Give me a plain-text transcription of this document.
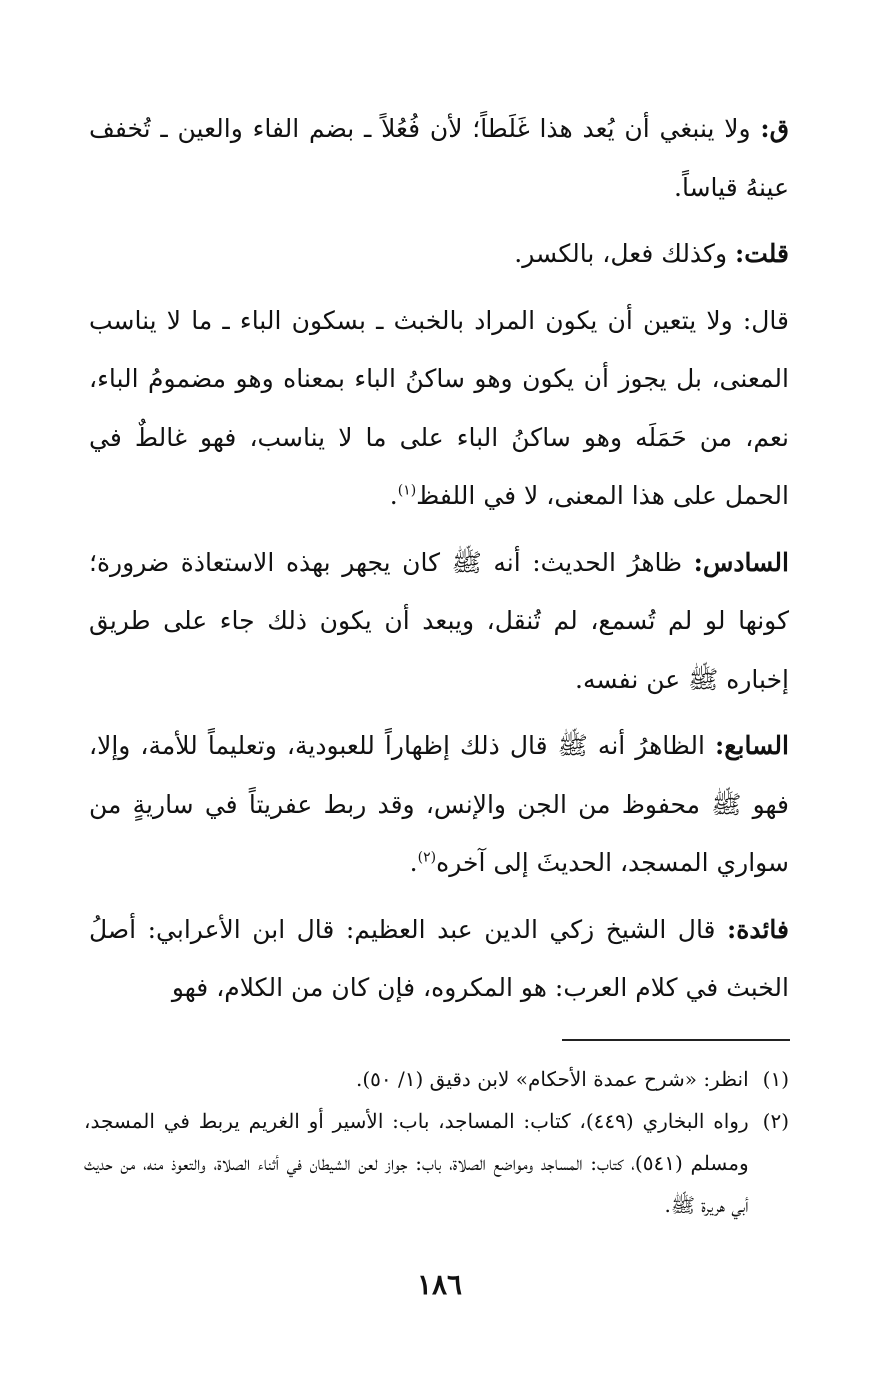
ق: ولا ينبغي أن يُعد هذا غَلَطاً؛ لأن فُعُلاً ـ بضم الفاء والعين ـ تُخفف عينهُ قياساً.

قلت: وكذلك فعل، بالكسر.

قال: ولا يتعين أن يكون المراد بالخبث ـ بسكون الباء ـ ما لا يناسب المعنى، بل يجوز أن يكون وهو ساكنُ الباء بمعناه وهو مضمومُ الباء، نعم، من حَمَلَه وهو ساكنُ الباء على ما لا يناسب، فهو غالطٌ في الحمل على هذا المعنى، لا في اللفظ$^{(١)}$.

السادس: ظاهرُ الحديث: أنه ﷺ كان يجهر بهذه الاستعاذة ضرورة؛ كونها لو لم تُسمع، لم تُنقل، ويبعد أن يكون ذلك جاء على طريق إخباره ﷺ عن نفسه.

السابع: الظاهرُ أنه ﷺ قال ذلك إظهاراً للعبودية، وتعليماً للأمة، وإلا، فهو ﷺ محفوظ من الجن والإنس، وقد ربط عفريتاً في ساريةٍ من سواري المسجد، الحديثَ إلى آخره$^{(٢)}$.

فائدة: قال الشيخ زكي الدين عبد العظيم: قال ابن الأعرابي: أصلُ الخبث في كلام العرب: هو المكروه، فإن كان من الكلام، فهو

(١)
انظر: «شرح عمدة الأحكام» لابن دقيق (١/ ٥٠).
(٢)
رواه البخاري (٤٤٩)، كتاب: المساجد، باب: الأسير أو الغريم يربط في المسجد، ومسلم (٥٤١)، كتاب: المساجد ومواضع الصلاة، باب: جواز لعن الشيطان في أثناء الصلاة، والتعوذ منه، من حديث أبي هريرة ﷺ.
١٨٦
